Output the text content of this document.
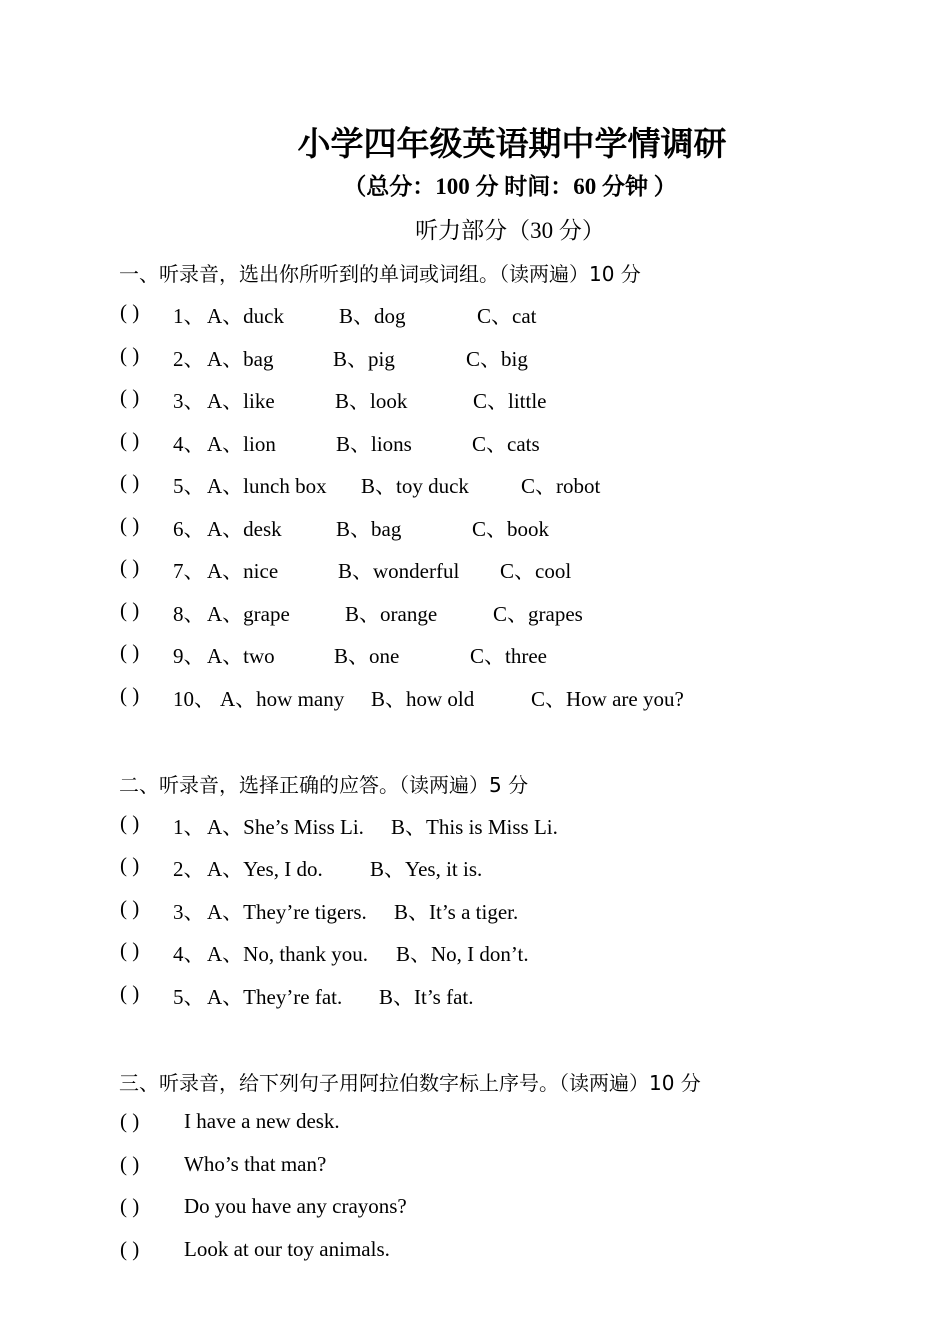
小学四年级英语期中学情调研
（总分：100 分 时间：60 分钟 ）
听力部分（30 分）
一、听录音，选出你所听到的单词或词组。（读两遍）10 分
( ) 1、 A、duck	B、dog	C、cat
( ) 2、 A、bag	B、pig	C、big
( ) 3、 A、like	B、look	C、little
( ) 4、 A、lion	B、lions	C、cats
( ) 5、 A、lunch box B、toy duck C、robot
( ) 6、 A、desk	B、bag	C、book
( ) 7、 A、nice	B、wonderful C、cool
( ) 8、 A、grape	B、orange	C、grapes
( ) 9、 A、two	B、one	C、three
( ) 10、 A、how many B、how old	C、How are you?
二、听录音，选择正确的应答。（读两遍）5 分
( ) 1、 A、She’s Miss Li. B、This is Miss Li.
( ) 2、 A、Yes, I do. B、Yes, it is.
( ) 3、 A、They’re tigers. B、It’s a tiger.
( ) 4、 A、No, thank you. B、No, I don’t.
( ) 5、 A、They’re fat. B、It’s fat.
三、听录音，给下列句子用阿拉伯数字标上序号。（读两遍）10 分
( ) I have a new desk.
( ) Who’s that man?
( ) Do you have any crayons?
( ) Look at our toy animals.
